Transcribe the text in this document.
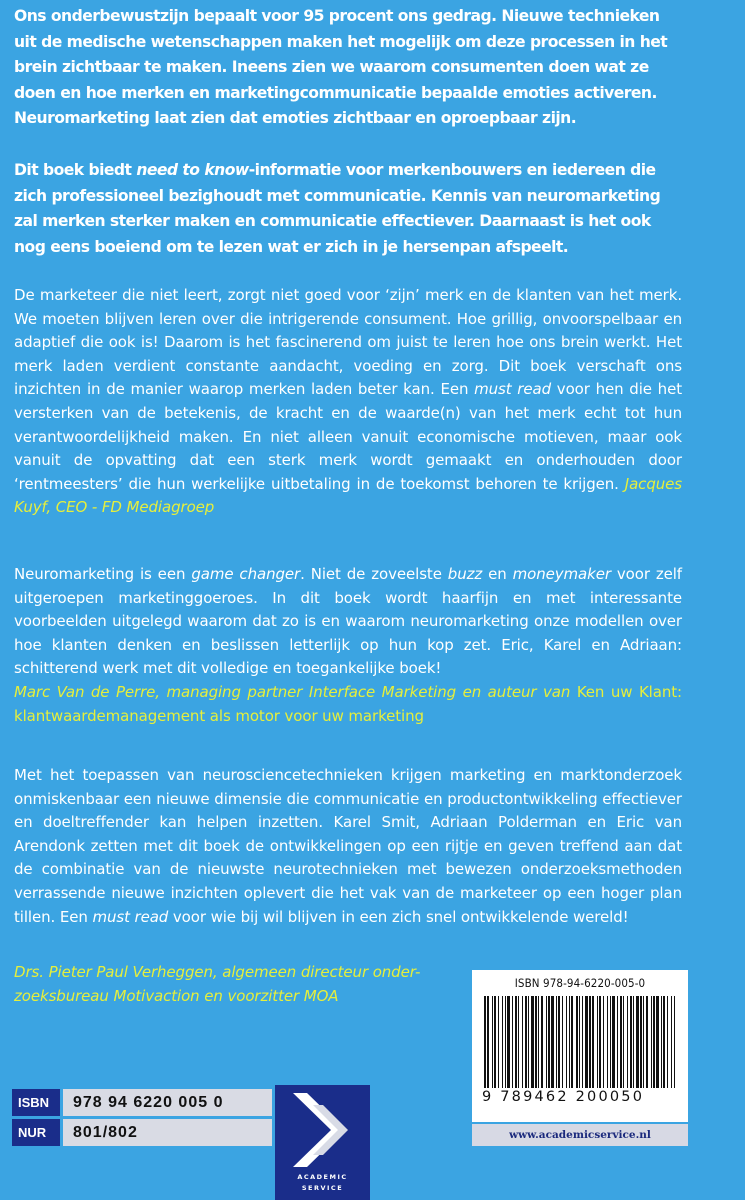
Ons onderbewustzijn bepaalt voor 95 procent ons gedrag. Nieuwe technieken uit de medische wetenschappen maken het mogelijk om deze processen in het brein zichtbaar te maken. Ineens zien we waarom consumenten doen wat ze doen en hoe merken en marketingcommunicatie bepaalde emoties activeren. Neuromarketing laat zien dat emoties zichtbaar en oproepbaar zijn.

Dit boek biedt need to know-informatie voor merkenbouwers en iedereen die zich professioneel bezighoudt met communicatie. Kennis van neuromarketing zal merken sterker maken en communicatie effectiever. Daarnaast is het ook nog eens boeiend om te lezen wat er zich in je hersenpan afspeelt.

De marketeer die niet leert, zorgt niet goed voor ‘zijn’ merk en de klanten van het merk. We moeten blijven leren over die intrigerende consument. Hoe grillig, onvoorspelbaar en adaptief die ook is! Daarom is het fascinerend om juist te leren hoe ons brein werkt. Het merk laden verdient constante aandacht, voeding en zorg. Dit boek verschaft ons inzichten in de manier waarop merken laden beter kan. Een must read voor hen die het versterken van de betekenis, de kracht en de waarde(n) van het merk echt tot hun verantwoordelijkheid maken. En niet alleen vanuit economische motieven, maar ook vanuit de opvatting dat een sterk merk wordt gemaakt en onderhouden door ‘rentmeesters’ die hun werkelijke uitbetaling in de toekomst behoren te krijgen. Jacques Kuyf, CEO - FD Mediagroep

Neuromarketing is een game changer. Niet de zoveelste buzz en moneymaker voor zelf uitgeroepen marketinggoeroes. In dit boek wordt haarfijn en met interessante voorbeelden uitgelegd waarom dat zo is en waarom neuromarketing onze modellen over hoe klanten denken en beslissen letterlijk op hun kop zet. Eric, Karel en Adriaan: schitterend werk met dit volledige en toegankelijke boek!
Marc Van de Perre, managing partner Interface Marketing en auteur van Ken uw Klant: klantwaardemanagement als motor voor uw marketing

Met het toepassen van neurosciencetechnieken krijgen marketing en marktonderzoek onmiskenbaar een nieuwe dimensie die communicatie en productontwikkeling effectiever en doeltreffender kan helpen inzetten. Karel Smit, Adriaan Polderman en Eric van Arendonk zetten met dit boek de ontwikkelingen op een rijtje en geven treffend aan dat de combinatie van de nieuwste neurotechnieken met bewezen onderzoeksmethoden verrassende nieuwe inzichten oplevert die het vak van de marketeer op een hoger plan tillen. Een must read voor wie bij wil blijven in een zich snel ontwikkelende wereld!

Drs. Pieter Paul Verheggen, algemeen directeur onder-
zoeksbureau Motivaction en voorzitter MOA

ISBN 978-94-6220-005-0
9 789462 200050
www.academicservice.nl
ISBN	978 94 6220 005 0
NUR	801/802
ACADEMIC
SERVICE
